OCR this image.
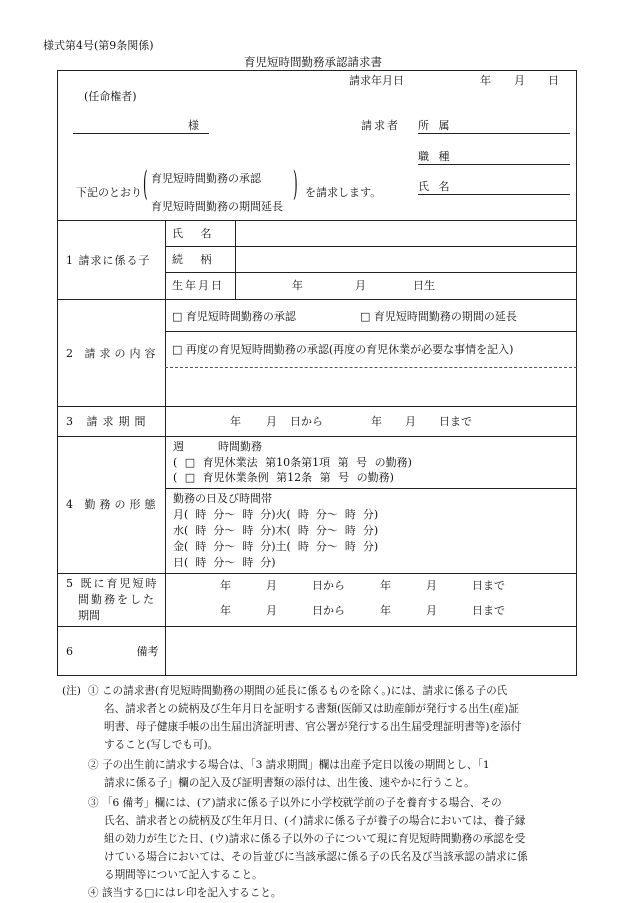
様式第4号(第9条関係)
育児短時間勤務承認請求書
請求年月日	年 月 日
(任命権者)
様	請求者 所 属
職 種
氏 名
下記のとおり ( 育児短時間勤務の承認
育児短時間勤務の期間延長
) を請求します。
1 請求に係る子
氏 名
続 柄
生年月日	年	月	日生
2 請求の内容
□ 育児短時間勤務の承認	□ 育児短時間勤務の期間の延長
□ 再度の育児短時間勤務の承認(再度の育児休業が必要な事情を記入)
3 請求期間	年 月 日から	年 月 日まで
4 勤務の形態
週	時間勤務
( □ 育児休業法 第10条第1項 第 号 の勤務)
( □ 育児休業条例 第12条 第 号 の勤務)
勤務の日及び時間帯
月(  時  分〜  時  分)火(  時  分〜  時  分)
水(  時  分〜  時  分)木(  時  分〜  時  分)
金(  時  分〜  時  分)土(  時  分〜  時  分)
日(  時  分〜  時  分)
5 既に育児短時
間勤務をした
期間
年  月  日から  年  月  日まで
年  月  日から  年  月  日まで
6 備考
(注) ① この請求書(育児短時間勤務の期間の延長に係るものを除く。)には、請求に係る子の氏
名、請求者との続柄及び生年月日を証明する書類(医師又は助産師が発行する出生(産)証
明書、母子健康手帳の出生届出済証明書、官公署が発行する出生届受理証明書等)を添付
すること(写しでも可)。
② 子の出生前に請求する場合は、「3 請求期間」欄は出産予定日以後の期間とし、「1
請求に係る子」欄の記入及び証明書類の添付は、出生後、速やかに行うこと。
③ 「6 備考」欄には、(ア)請求に係る子以外に小学校就学前の子を養育する場合、その
氏名、請求者との続柄及び生年月日、(イ)請求に係る子が養子の場合においては、養子縁
組の効力が生じた日、(ウ)請求に係る子以外の子について現に育児短時間勤務の承認を受
けている場合においては、その旨並びに当該承認に係る子の氏名及び当該承認の請求に係
る期間等について記入すること。
④ 該当する□にはレ印を記入すること。
